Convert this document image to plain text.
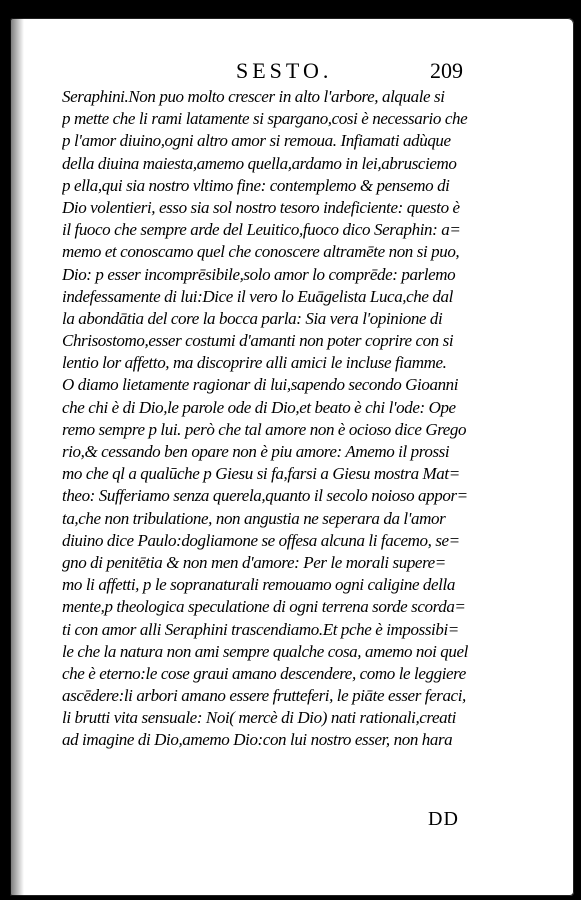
SESTO.	209
Seraphini.Non puo molto crescer in alto l'arbore, alquale si
p mette che li rami latamente si spargano,cosi è necessario che
p l'amor diuino,ogni altro amor si remoua. Infiamati adùque
della diuina maiesta,amemo quella,ardamo in lei,abrusciemo
p ella,qui sia nostro vltimo fine: contemplemo & pensemo di
Dio volentieri, esso sia sol nostro tesoro indeficiente: questo è
il fuoco che sempre arde del Leuitico,fuoco dico Seraphin: a=
memo et conoscamo quel che conoscere altramēte non si puo,
Dio: p esser incomprēsibile,solo amor lo comprēde: parlemo
indefessamente di lui:Dice il vero lo Euāgelista Luca,che dal
la abondātia del core la bocca parla: Sia vera l'opinione di
Chrisostomo,esser costumi d'amanti non poter coprire con si
lentio lor affetto, ma discoprire alli amici le incluse fiamme.
O diamo lietamente ragionar di lui,sapendo secondo Gioanni
che chi è di Dio,le parole ode di Dio,et beato è chi l'ode: Ope
remo sempre p lui. però che tal amore non è ocioso dice Grego
rio,& cessando ben opare non è piu amore: Amemo il prossi
mo che ql a qualūche p Giesu si fa,farsi a Giesu mostra Mat=
theo: Sufferiamo senza querela,quanto il secolo noioso appor=
ta,che non tribulatione, non angustia ne seperara da l'amor
diuino dice Paulo:dogliamone se offesa alcuna li facemo, se=
gno di penitētia & non men d'amore: Per le morali supere=
mo li affetti, p le sopranaturali remouamo ogni caligine della
mente,p theologica speculatione di ogni terrena sorde scorda=
ti con amor alli Seraphini trascendiamo.Et pche è impossibi=
le che la natura non ami sempre qualche cosa, amemo noi quel
che è eterno:le cose graui amano descendere, como le leggiere
ascēdere:li arbori amano essere frutteferi, le piāte esser feraci,
li brutti vita sensuale: Noi( mercè di Dio) nati rationali,creati
ad imagine di Dio,amemo Dio:con lui nostro esser, non hara
DD
